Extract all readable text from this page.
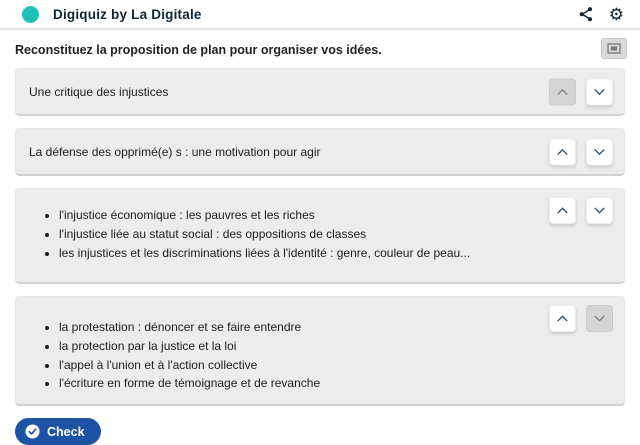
Digiquiz by La Digitale	⚙

Reconstituez la proposition de plan pour organiser vos idées.

Une critique des injustices
La défense des opprimé(e) s : une motivation pour agir
• l'injustice économique : les pauvres et les riches
• l'injustice liée au statut social : des oppositions de classes
• les injustices et les discriminations liées à l'identité : genre, couleur de peau...
• la protestation : dénoncer et se faire entendre
• la protection par la justice et la loi
• l'appel à l'union et à l'action collective
• l'écriture en forme de témoignage et de revanche
Check
